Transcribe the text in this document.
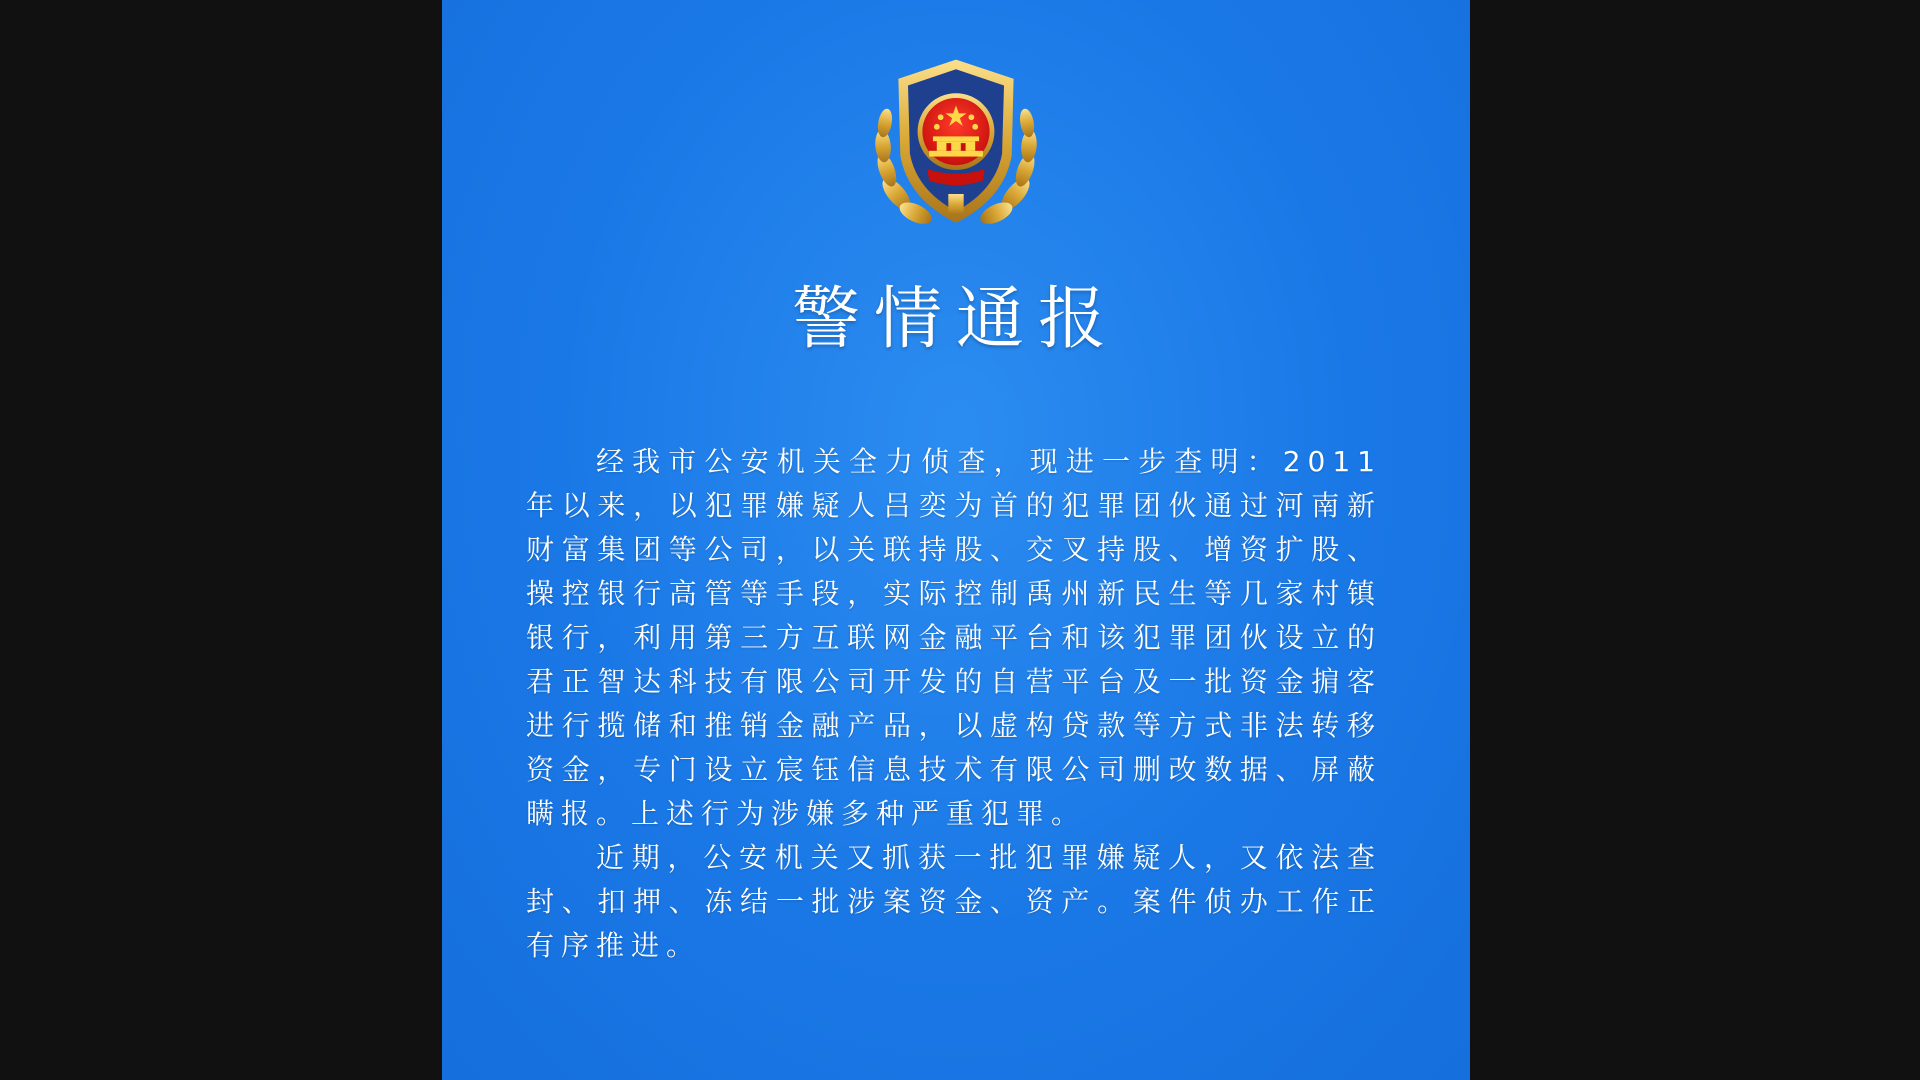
警情通报

经我市公安机关全力侦查，现进一步查明：2011年以来，以犯罪嫌疑人吕奕为首的犯罪团伙通过河南新财富集团等公司，以关联持股、交叉持股、增资扩股、操控银行高管等手段，实际控制禹州新民生等几家村镇银行，利用第三方互联网金融平台和该犯罪团伙设立的君正智达科技有限公司开发的自营平台及一批资金掮客进行揽储和推销金融产品，以虚构贷款等方式非法转移资金，专门设立宸钰信息技术有限公司删改数据、屏蔽瞒报。上述行为涉嫌多种严重犯罪。

近期，公安机关又抓获一批犯罪嫌疑人，又依法查封、扣押、冻结一批涉案资金、资产。案件侦办工作正有序推进。
